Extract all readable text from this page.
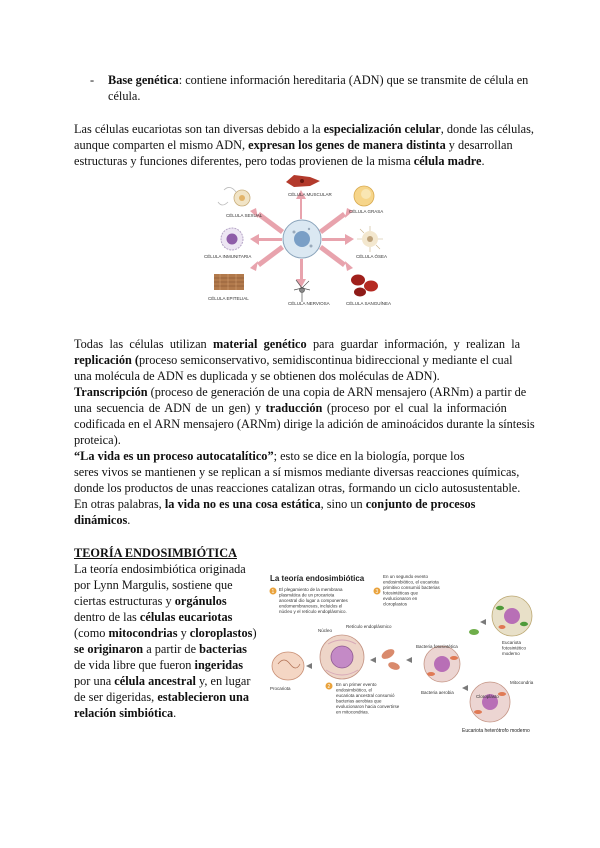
- Base genética: contiene información hereditaria (ADN) que se transmite de célula en
célula.
Las células eucariotas son tan diversas debido a la especialización celular, donde las células,
aunque comparten el mismo ADN, expresan los genes de manera distinta y desarrollan
estructuras y funciones diferentes, pero todas provienen de la misma célula madre.
CÉLULA SEXUAL
CÉLULA MUSCULAR
CÉLULA GRASA
CÉLULA INMUNITARIA	CÉLULA ÓSEA
CÉLULA EPITELIAL
CÉLULA NERVIOSA	CÉLULA SANGUÍNEA
Todas las células utilizan material genético para guardar información, y realizan la
replicación (proceso semiconservativo, semidiscontinua bidireccional y mediante el cual
una molécula de ADN es duplicada y se obtienen dos moléculas de ADN).
Transcripción (proceso de generación de una copia de ARN mensajero (ARNm) a partir de
una secuencia de ADN de un gen) y traducción (proceso por el cual la información
codificada en el ARN mensajero (ARNm) dirige la adición de aminoácidos durante la síntesis
proteica).
“La vida es un proceso autocatalítico”; esto se dice en la biología, porque los
seres vivos se mantienen y se replican a sí mismos mediante diversas reacciones químicas,
donde los productos de unas reacciones catalizan otras, formando un ciclo autosustentable.
En otras palabras, la vida no es una cosa estática, sino un conjunto de procesos
dinámicos.
TEORÍA ENDOSIMBIÓTICA
La teoría endosimbiótica originada
por Lynn Margulis, sostiene que
ciertas estructuras y orgánulos
dentro de las células eucariotas
(como mitocondrias y cloroplastos)
se originaron a partir de bacterias
de vida libre que fueron ingeridas
por una célula ancestral y, en lugar
de ser digeridas, establecieron una
relación simbiótica.
La teoría endosimbiótica
1 El plegamiento de la membrana plasmática de un procariota ancestral dio lugar a componentes endomembranosos, incluidos el núcleo y el retículo endoplásmico.
3
En un segundo evento endosimbiótico, el eucariota primitivo consumió bacterias fotosintéticas que evolucionaron en cloroplastos
Procariota
Núcleo
Retículo endoplásmico
2 En un primer evento endosimbiótico, el eucariota ancestral consumió bacterias aerobias que evolucionaron hacia convertirse en mitocondrias.
Bacteria aerobia
Bacteria fotosintética
Eucariota fotosintético moderno
Mitocondria
Cloroplasto
Eucariota heterótrofo moderno
